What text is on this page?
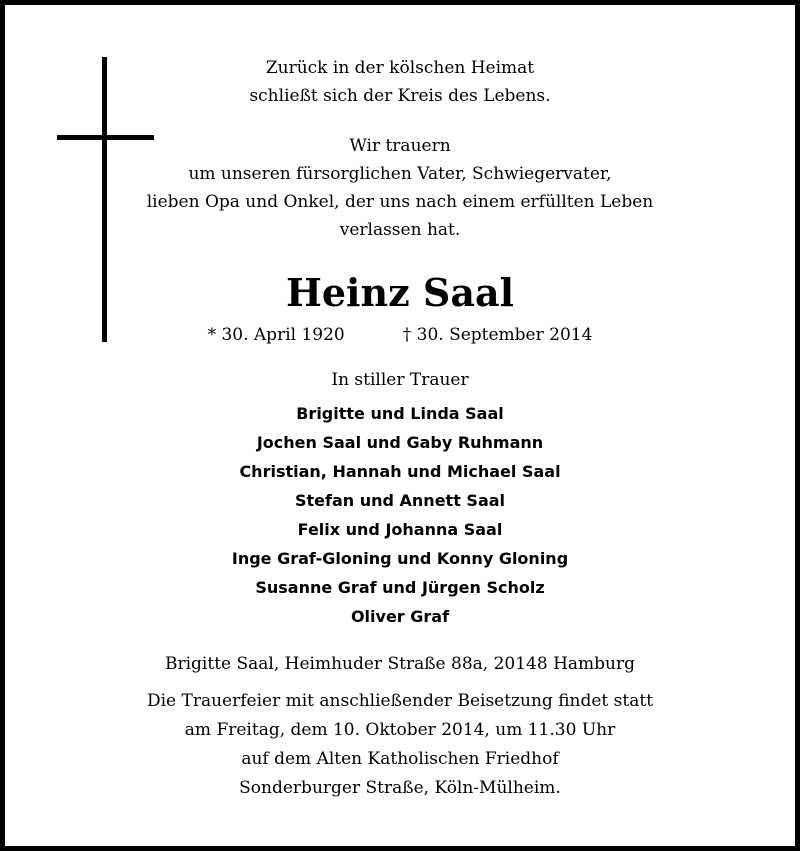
Zurück in der kölschen Heimat
schließt sich der Kreis des Lebens.
Wir trauern
um unseren fürsorglichen Vater, Schwiegervater,
lieben Opa und Onkel, der uns nach einem erfüllten Leben
verlassen hat.
Heinz Saal
* 30. April 1920	† 30. September 2014
In stiller Trauer
Brigitte und Linda Saal
Jochen Saal und Gaby Ruhmann
Christian, Hannah und Michael Saal
Stefan und Annett Saal
Felix und Johanna Saal
Inge Graf-Gloning und Konny Gloning
Susanne Graf und Jürgen Scholz
Oliver Graf
Brigitte Saal, Heimhuder Straße 88a, 20148 Hamburg
Die Trauerfeier mit anschließender Beisetzung findet statt
am Freitag, dem 10. Oktober 2014, um 11.30 Uhr
auf dem Alten Katholischen Friedhof
Sonderburger Straße, Köln-Mülheim.
